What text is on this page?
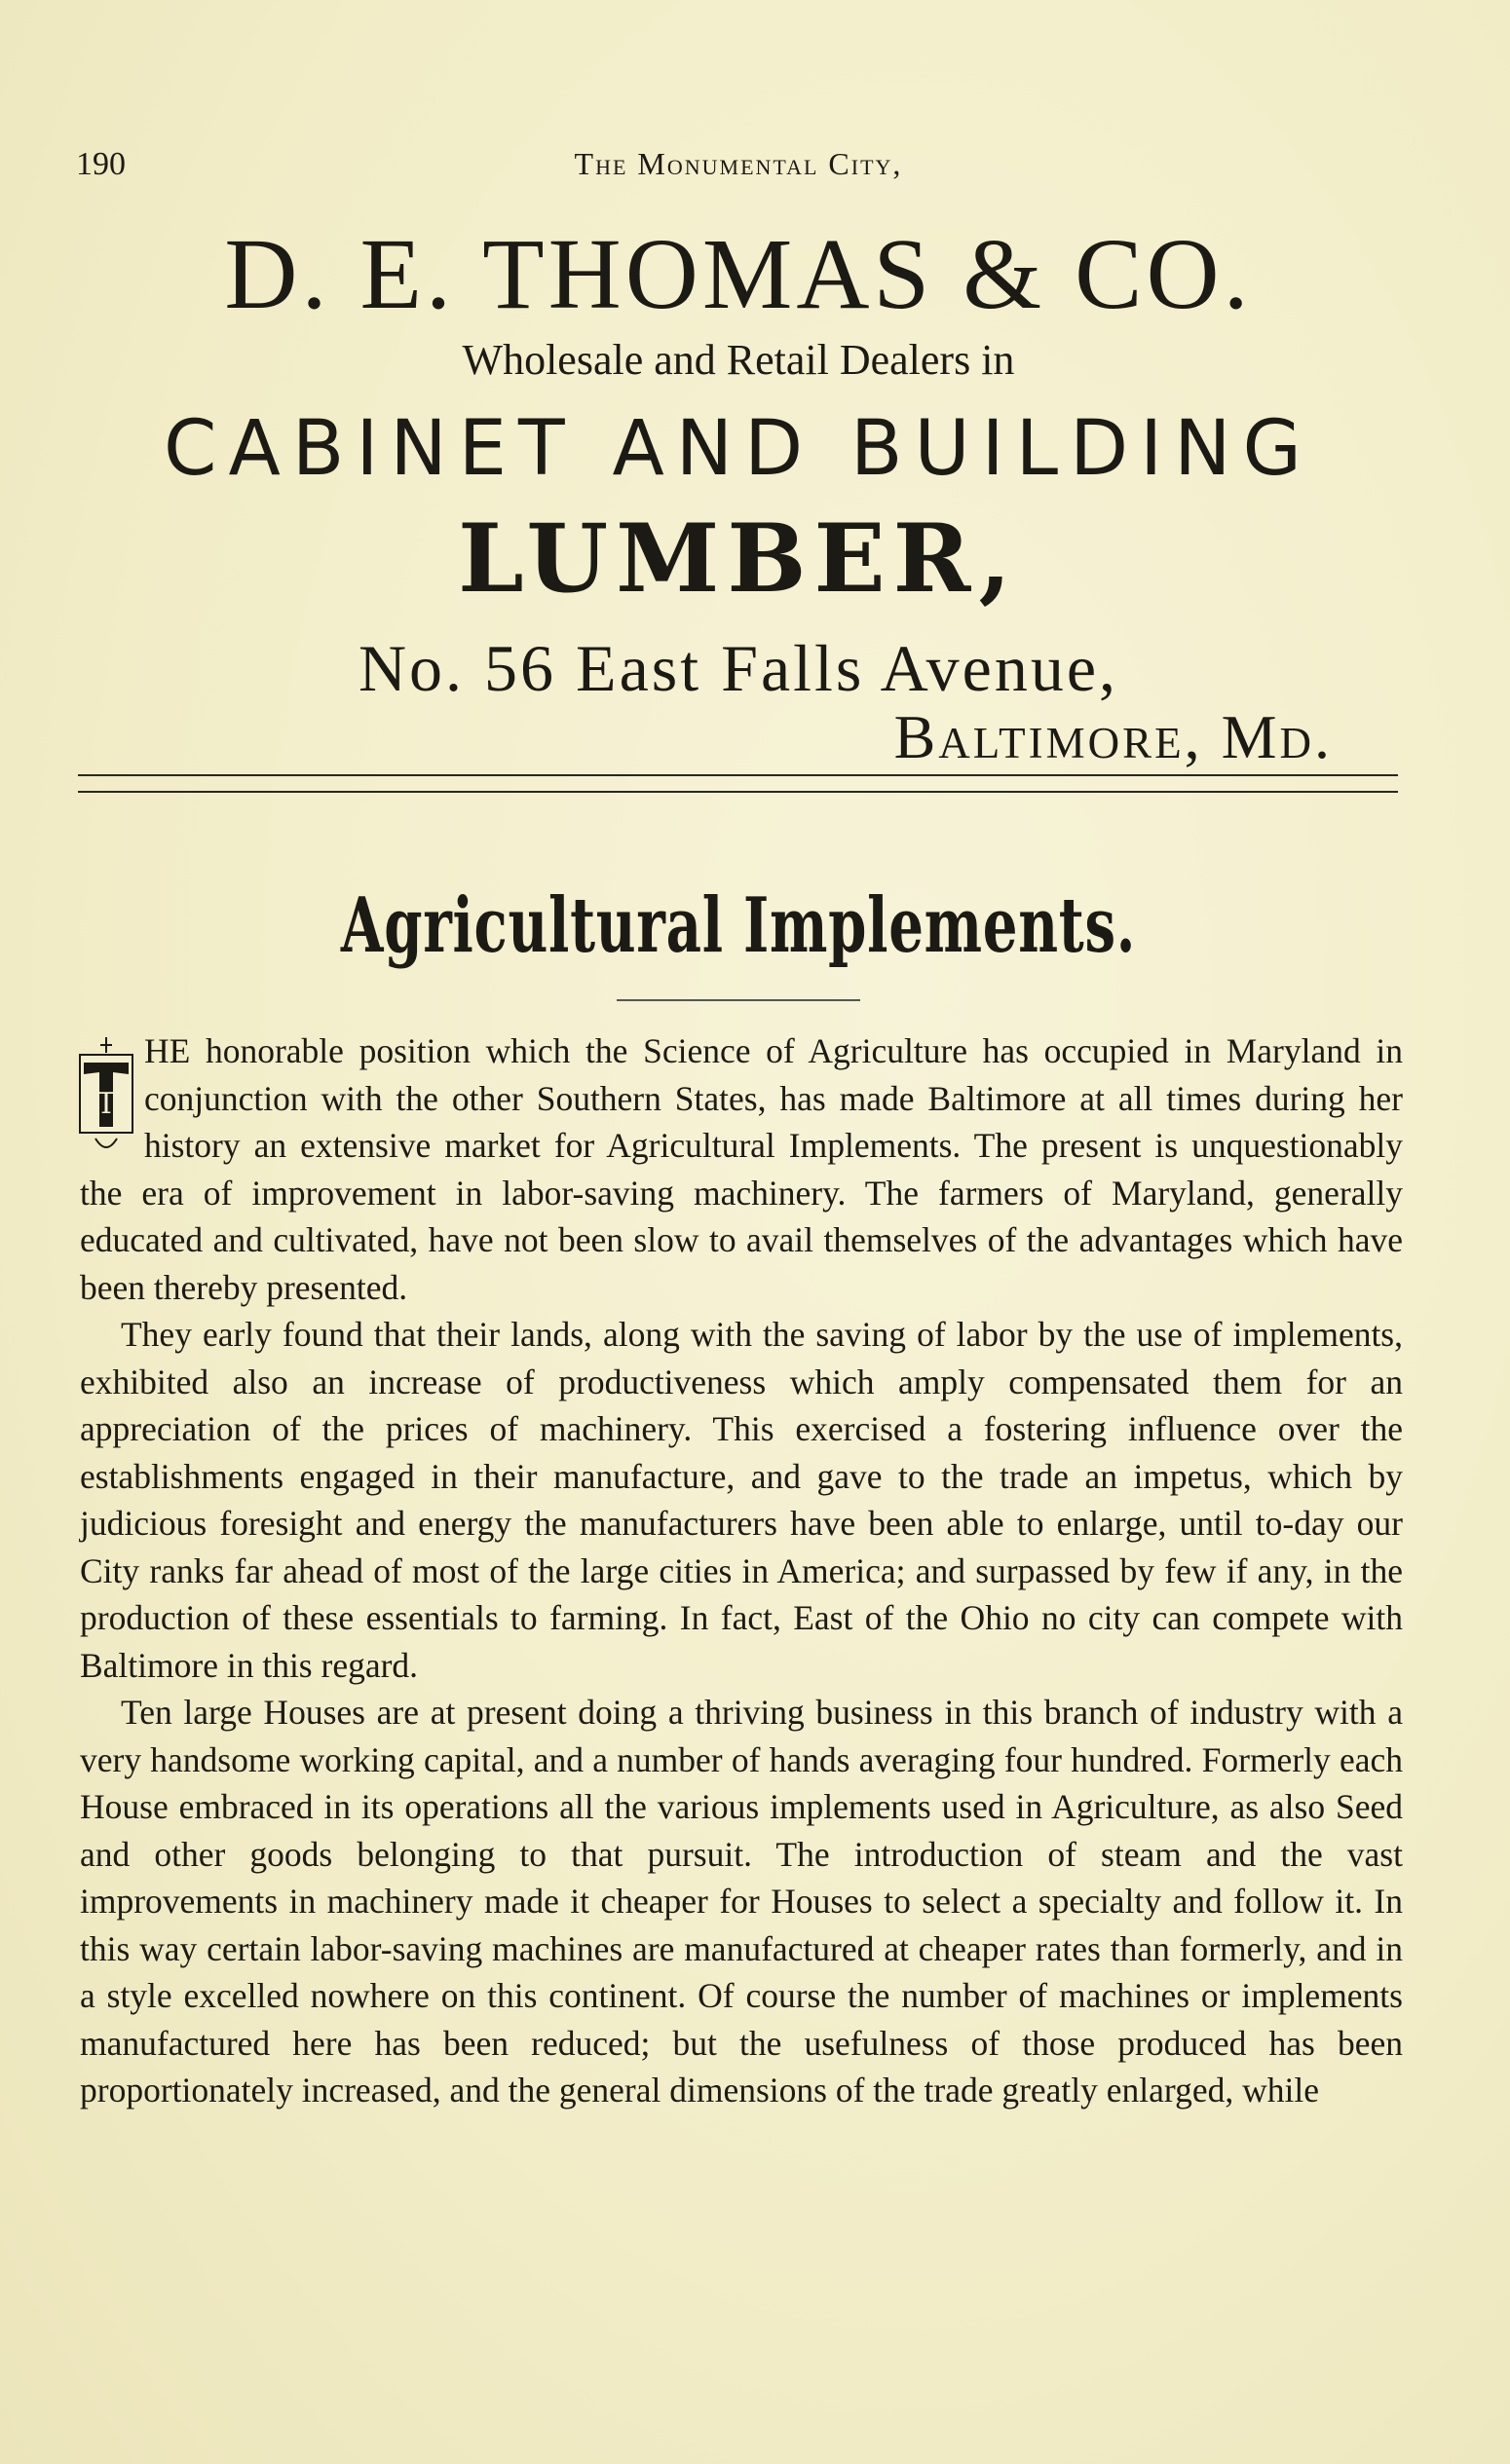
190	The Monumental City,
D. E. THOMAS & CO.
Wholesale and Retail Dealers in
CABINET AND BUILDING
LUMBER,
No. 56 East Falls Avenue,
Baltimore, Md.
Agricultural Implements.

T
HE honorable position which the Science of Agriculture has occupied in Maryland in conjunction with the other Southern States, has made Baltimore at all times during her history an extensive market for Agricultural Implements. The present is unquestionably the era of improvement in labor-saving machinery. The farmers of Maryland, generally educated and cultivated, have not been slow to avail themselves of the advantages which have been thereby presented.

They early found that their lands, along with the saving of labor by the use of implements, exhibited also an increase of productiveness which amply compensated them for an appreciation of the prices of machinery. This exercised a fostering influence over the establishments engaged in their manufacture, and gave to the trade an impetus, which by judicious foresight and energy the manufacturers have been able to enlarge, until to-day our City ranks far ahead of most of the large cities in America; and surpassed by few if any, in the production of these essentials to farming. In fact, East of the Ohio no city can compete with Baltimore in this regard.

Ten large Houses are at present doing a thriving business in this branch of industry with a very handsome working capital, and a number of hands averaging four hundred. Formerly each House embraced in its operations all the various implements used in Agriculture, as also Seed and other goods belonging to that pursuit. The introduction of steam and the vast improvements in machinery made it cheaper for Houses to select a specialty and follow it. In this way certain labor-saving machines are manufactured at cheaper rates than formerly, and in a style excelled nowhere on this continent. Of course the number of machines or implements manufactured here has been reduced; but the usefulness of those produced has been proportionately increased, and the general dimensions of the trade greatly enlarged, while
